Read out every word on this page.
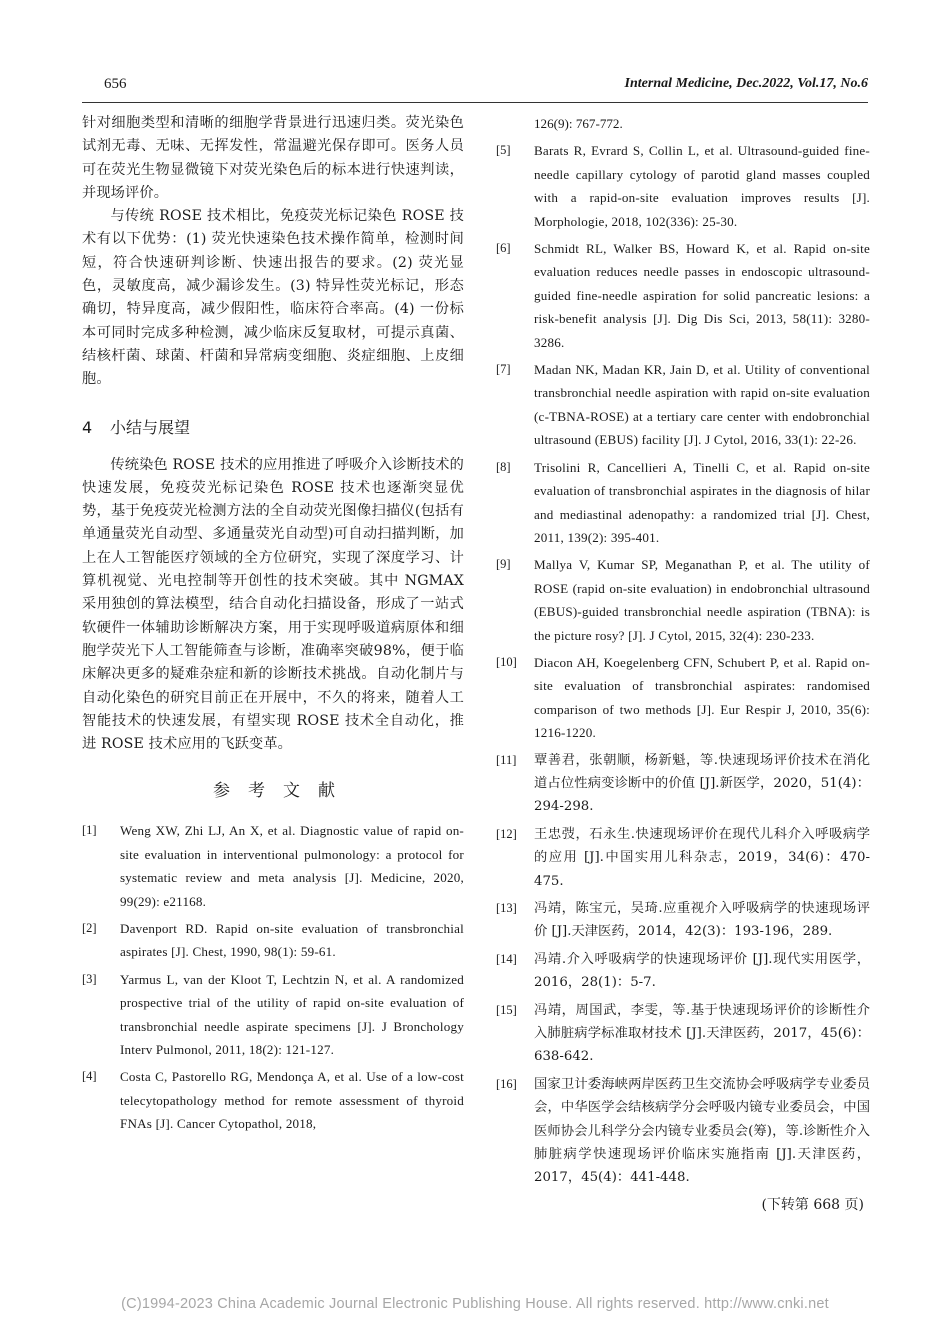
656	Internal Medicine, Dec.2022, Vol.17, No.6

针对细胞类型和清晰的细胞学背景进行迅速归类。荧光染色试剂无毒、无味、无挥发性，常温避光保存即可。医务人员可在荧光生物显微镜下对荧光染色后的标本进行快速判读，并现场评价。

与传统 ROSE 技术相比，免疫荧光标记染色 ROSE 技术有以下优势：(1) 荧光快速染色技术操作简单，检测时间短，符合快速研判诊断、快速出报告的要求。(2) 荧光显色，灵敏度高，减少漏诊发生。(3) 特异性荧光标记，形态确切，特异度高，减少假阳性，临床符合率高。(4) 一份标本可同时完成多种检测，减少临床反复取材，可提示真菌、结核杆菌、球菌、杆菌和异常病变细胞、炎症细胞、上皮细胞。

4 小结与展望

传统染色 ROSE 技术的应用推进了呼吸介入诊断技术的快速发展，免疫荧光标记染色 ROSE 技术也逐渐突显优势，基于免疫荧光检测方法的全自动荧光图像扫描仪(包括有单通量荧光自动型、多通量荧光自动型)可自动扫描判断，加上在人工智能医疗领域的全方位研究，实现了深度学习、计算机视觉、光电控制等开创性的技术突破。其中 NGMAX 采用独创的算法模型，结合自动化扫描设备，形成了一站式软硬件一体辅助诊断解决方案，用于实现呼吸道病原体和细胞学荧光下人工智能筛查与诊断，准确率突破98%，便于临床解决更多的疑难杂症和新的诊断技术挑战。自动化制片与自动化染色的研究目前正在开展中，不久的将来，随着人工智能技术的快速发展，有望实现 ROSE 技术全自动化，推进 ROSE 技术应用的飞跃变革。

参考文献
[1]	Weng XW, Zhi LJ, An X, et al. Diagnostic value of rapid on-site evaluation in interventional pulmonology: a protocol for systematic review and meta analysis [J]. Medicine, 2020, 99(29): e21168.
[2]	Davenport RD. Rapid on-site evaluation of transbronchial aspirates [J]. Chest, 1990, 98(1): 59-61.
[3]	Yarmus L, van der Kloot T, Lechtzin N, et al. A randomized prospective trial of the utility of rapid on-site evaluation of transbronchial needle aspirate specimens [J]. J Bronchology Interv Pulmonol, 2011, 18(2): 121-127.
[4]	Costa C, Pastorello RG, Mendonça A, et al. Use of a low-cost telecytopathology method for remote assessment of thyroid FNAs [J]. Cancer Cytopathol, 2018,
126(9): 767-772.
[5]	Barats R, Evrard S, Collin L, et al. Ultrasound-guided fine-needle capillary cytology of parotid gland masses coupled with a rapid-on-site evaluation improves results [J]. Morphologie, 2018, 102(336): 25-30.
[6]	Schmidt RL, Walker BS, Howard K, et al. Rapid on-site evaluation reduces needle passes in endoscopic ultrasound-guided fine-needle aspiration for solid pancreatic lesions: a risk-benefit analysis [J]. Dig Dis Sci, 2013, 58(11): 3280-3286.
[7]	Madan NK, Madan KR, Jain D, et al. Utility of conventional transbronchial needle aspiration with rapid on-site evaluation (c-TBNA-ROSE) at a tertiary care center with endobronchial ultrasound (EBUS) facility [J]. J Cytol, 2016, 33(1): 22-26.
[8]	Trisolini R, Cancellieri A, Tinelli C, et al. Rapid on-site evaluation of transbronchial aspirates in the diagnosis of hilar and mediastinal adenopathy: a randomized trial [J]. Chest, 2011, 139(2): 395-401.
[9]	Mallya V, Kumar SP, Meganathan P, et al. The utility of ROSE (rapid on-site evaluation) in endobronchial ultrasound (EBUS)-guided transbronchial needle aspiration (TBNA): is the picture rosy? [J]. J Cytol, 2015, 32(4): 230-233.
[10]	Diacon AH, Koegelenberg CFN, Schubert P, et al. Rapid on-site evaluation of transbronchial aspirates: randomised comparison of two methods [J]. Eur Respir J, 2010, 35(6): 1216-1220.
[11]	覃善君，张朝顺，杨新魁，等.快速现场评价技术在消化道占位性病变诊断中的价值 [J].新医学，2020，51(4)：294-298.
[12]	王忠弢，石永生.快速现场评价在现代儿科介入呼吸病学的应用 [J].中国实用儿科杂志，2019，34(6)：470-475.
[13]	冯靖，陈宝元，吴琦.应重视介入呼吸病学的快速现场评价 [J].天津医药，2014，42(3)：193-196，289.
[14]	冯靖.介入呼吸病学的快速现场评价 [J].现代实用医学，2016，28(1)：5-7.
[15]	冯靖，周国武，李雯，等.基于快速现场评价的诊断性介入肺脏病学标准取材技术 [J].天津医药，2017，45(6)：638-642.
[16]	国家卫计委海峡两岸医药卫生交流协会呼吸病学专业委员会，中华医学会结核病学分会呼吸内镜专业委员会，中国医师协会儿科学分会内镜专业委员会(筹)，等.诊断性介入肺脏病学快速现场评价临床实施指南 [J].天津医药，2017，45(4)：441-448.
(下转第 668 页)
(C)1994-2023 China Academic Journal Electronic Publishing House. All rights reserved. http://www.cnki.net
